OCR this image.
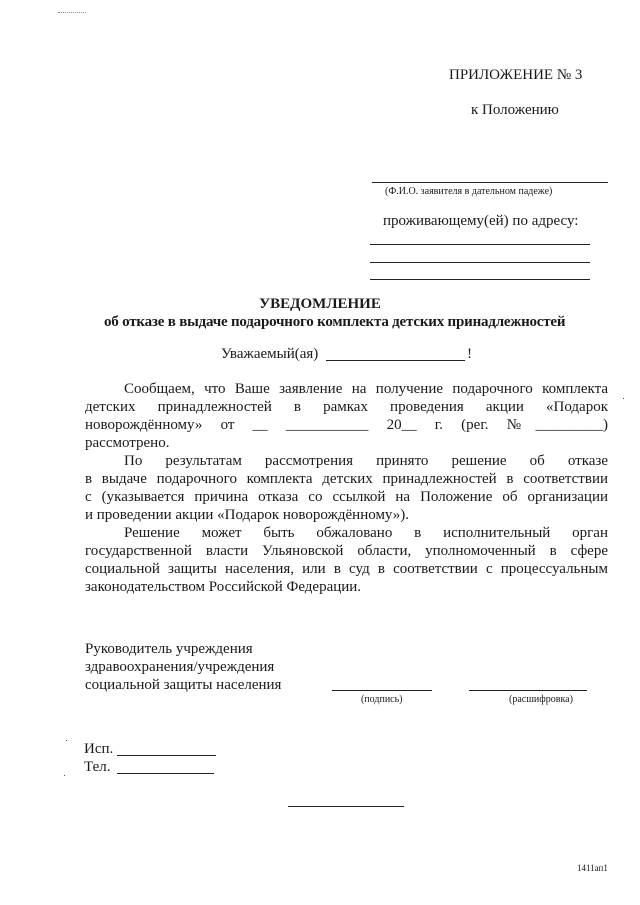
ПРИЛОЖЕНИЕ № 3
к Положению
(Ф.И.О. заявителя в дательном падеже)
проживающему(ей) по адресу:
УВЕДОМЛЕНИЕ
об отказе в выдаче подарочного комплекта детских принадлежностей
Уважаемый(ая)	!
Сообщаем, что Ваше заявление на получение подарочного комплекта
детских принадлежностей в рамках проведения акции «Подарок
новорождённому» от __ ___________ 20__ г. (рег. №_________)
рассмотрено.
По результатам рассмотрения принято решение об отказе
в выдаче подарочного комплекта детских принадлежностей в соответствии
с (указывается причина отказа со ссылкой на Положение об организации
и проведении акции «Подарок новорождённому»).
Решение может быть обжаловано в исполнительный орган
государственной власти Ульяновской области, уполномоченный в сфере
социальной защиты населения, или в суд в соответствии с процессуальным
законодательством Российской Федерации.
Руководитель учреждения
здравоохранения/учреждения
социальной защиты населения
(подпись)	(расшифровка)
Исп.
Тел.
1411ап1
